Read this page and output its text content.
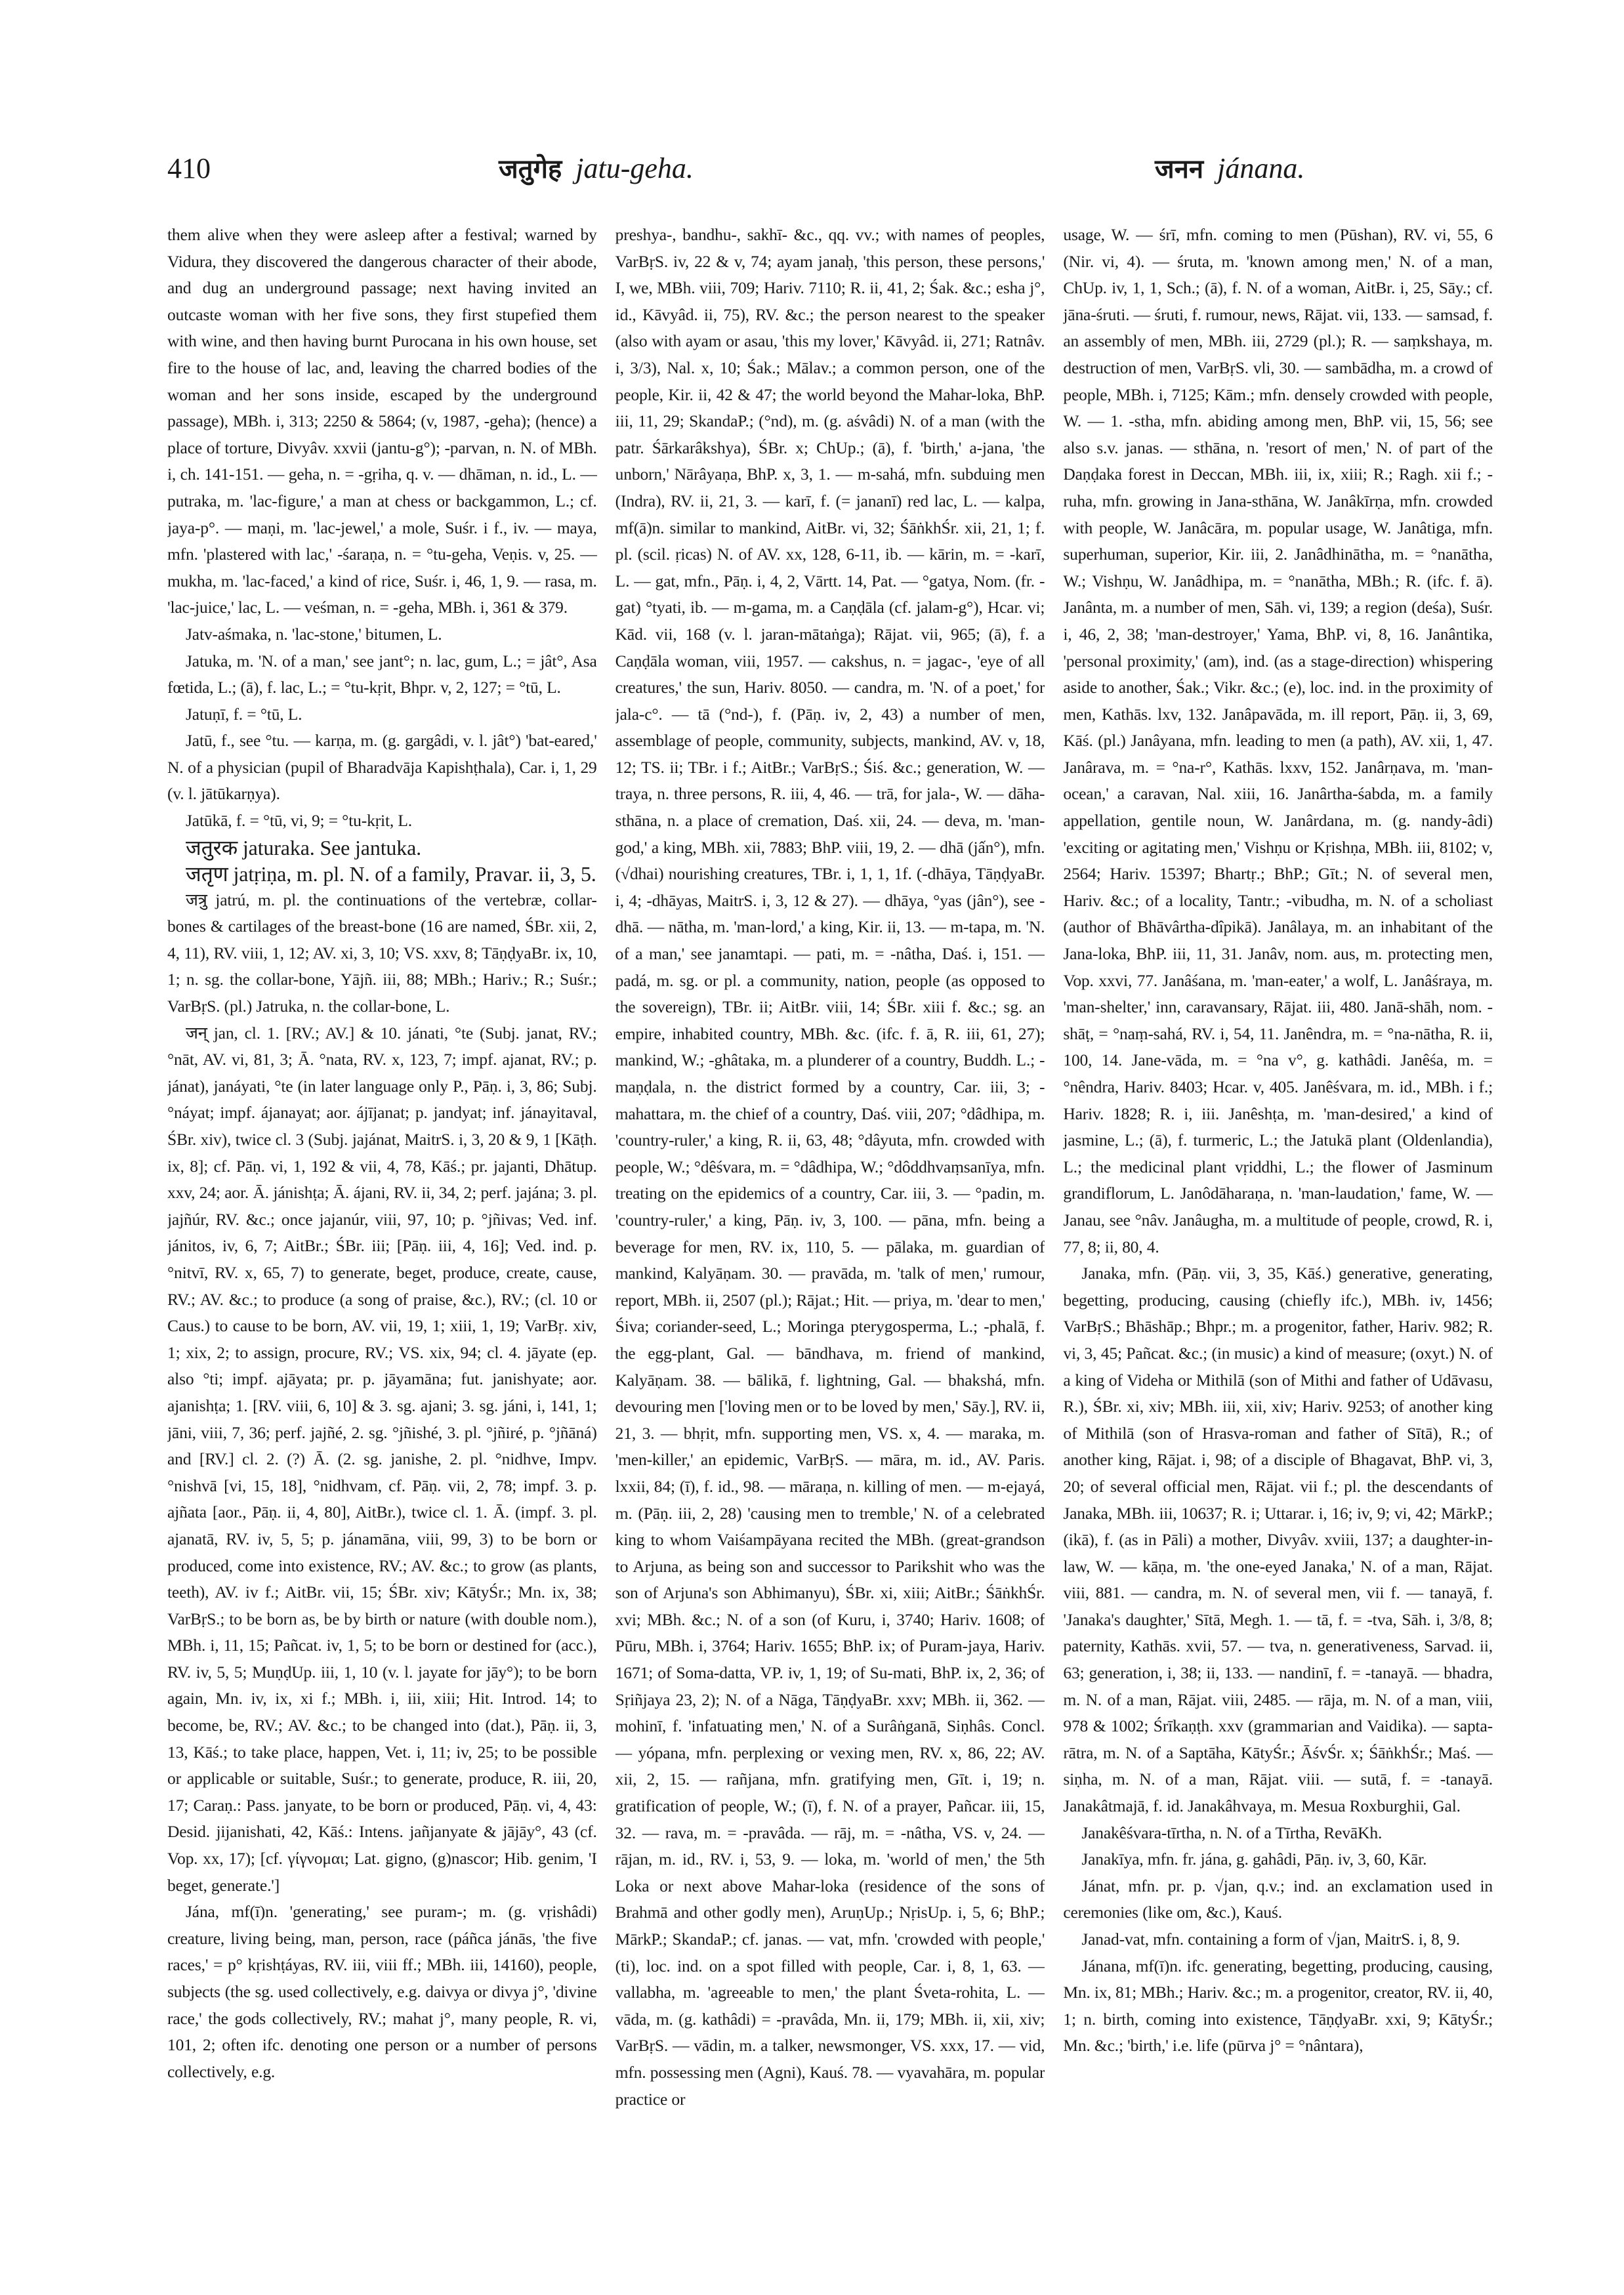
410	जतुगेह jatu-geha.	जनन jánana.

them alive when they were asleep after a festival; warned by Vidura, they discovered the dangerous character of their abode, and dug an underground passage; next having invited an outcaste woman with her five sons, they first stupefied them with wine, and then having burnt Purocana in his own house, set fire to the house of lac, and, leaving the charred bodies of the woman and her sons inside, escaped by the underground passage), MBh. i, 313; 2250 & 5864; (v, 1987, -geha); (hence) a place of torture, Divyâv. xxvii (jantu-g°); -parvan, n. N. of MBh. i, ch. 141-151. — geha, n. = -gṛiha, q. v. — dhāman, n. id., L. — putraka, m. 'lac-figure,' a man at chess or backgammon, L.; cf. jaya-p°. — maṇi, m. 'lac-jewel,' a mole, Suśr. i f., iv. — maya, mfn. 'plastered with lac,' -śaraṇa, n. = °tu-geha, Veṇis. v, 25. — mukha, m. 'lac-faced,' a kind of rice, Suśr. i, 46, 1, 9. — rasa, m. 'lac-juice,' lac, L. — veśman, n. = -geha, MBh. i, 361 & 379.

Jatv-aśmaka, n. 'lac-stone,' bitumen, L.

Jatuka, m. 'N. of a man,' see jant°; n. lac, gum, L.; = jât°, Asa fœtida, L.; (ā), f. lac, L.; = °tu-kṛit, Bhpr. v, 2, 127; = °tū, L.

Jatuṇī, f. = °tū, L.

Jatū, f., see °tu. — karṇa, m. (g. gargâdi, v. l. jât°) 'bat-eared,' N. of a physician (pupil of Bharadvāja Kapishṭhala), Car. i, 1, 29 (v. l. jātūkarṇya).

Jatūkā, f. = °tū, vi, 9; = °tu-kṛit, L.

जतुरक jaturaka. See jantuka.

जतृण jatṛiṇa, m. pl. N. of a family, Pravar. ii, 3, 5.

जत्रु jatrú, m. pl. the continuations of the vertebræ, collar-bones & cartilages of the breast-bone (16 are named, ŚBr. xii, 2, 4, 11), RV. viii, 1, 12; AV. xi, 3, 10; VS. xxv, 8; TāṇḍyaBr. ix, 10, 1; n. sg. the collar-bone, Yājñ. iii, 88; MBh.; Hariv.; R.; Suśr.; VarBṛS. (pl.) Jatruka, n. the collar-bone, L.

जन् jan, cl. 1. [RV.; AV.] & 10. jánati, °te (Subj. janat, RV.; °nāt, AV. vi, 81, 3; Ā. °nata, RV. x, 123, 7; impf. ajanat, RV.; p. jánat), janáyati, °te (in later language only P., Pāṇ. i, 3, 86; Subj. °náyat; impf. ájanayat; aor. ájījanat; p. jandyat; inf. jánayitaval, ŚBr. xiv), twice cl. 3 (Subj. jajánat, MaitrS. i, 3, 20 & 9, 1 [Kāṭh. ix, 8]; cf. Pāṇ. vi, 1, 192 & vii, 4, 78, Kāś.; pr. jajanti, Dhātup. xxv, 24; aor. Ā. jánishṭa; Ā. ájani, RV. ii, 34, 2; perf. jajána; 3. pl. jajñúr, RV. &c.; once jajanúr, viii, 97, 10; p. °jñivas; Ved. inf. jánitos, iv, 6, 7; AitBr.; ŚBr. iii; [Pāṇ. iii, 4, 16]; Ved. ind. p. °nitvī, RV. x, 65, 7) to generate, beget, produce, create, cause, RV.; AV. &c.; to produce (a song of praise, &c.), RV.; (cl. 10 or Caus.) to cause to be born, AV. vii, 19, 1; xiii, 1, 19; VarBṛ. xiv, 1; xix, 2; to assign, procure, RV.; VS. xix, 94; cl. 4. jāyate (ep. also °ti; impf. ajāyata; pr. p. jāyamāna; fut. janishyate; aor. ajanishṭa; 1. [RV. viii, 6, 10] & 3. sg. ajani; 3. sg. jáni, i, 141, 1; jāni, viii, 7, 36; perf. jajñé, 2. sg. °jñishé, 3. pl. °jñiré, p. °jñāná) and [RV.] cl. 2. (?) Ā. (2. sg. janishe, 2. pl. °nidhve, Impv. °nishvā [vi, 15, 18], °nidhvam, cf. Pāṇ. vii, 2, 78; impf. 3. p. ajñata [aor., Pāṇ. ii, 4, 80], AitBr.), twice cl. 1. Ā. (impf. 3. pl. ajanatā, RV. iv, 5, 5; p. jánamāna, viii, 99, 3) to be born or produced, come into existence, RV.; AV. &c.; to grow (as plants, teeth), AV. iv f.; AitBr. vii, 15; ŚBr. xiv; KātyŚr.; Mn. ix, 38; VarBṛS.; to be born as, be by birth or nature (with double nom.), MBh. i, 11, 15; Pañcat. iv, 1, 5; to be born or destined for (acc.), RV. iv, 5, 5; MuṇḍUp. iii, 1, 10 (v. l. jayate for jāy°); to be born again, Mn. iv, ix, xi f.; MBh. i, iii, xiii; Hit. Introd. 14; to become, be, RV.; AV. &c.; to be changed into (dat.), Pāṇ. ii, 3, 13, Kāś.; to take place, happen, Vet. i, 11; iv, 25; to be possible or applicable or suitable, Suśr.; to generate, produce, R. iii, 20, 17; Caraṇ.: Pass. janyate, to be born or produced, Pāṇ. vi, 4, 43: Desid. jijanishati, 42, Kāś.: Intens. jañjanyate & jājāy°, 43 (cf. Vop. xx, 17); [cf. γίγνομαι; Lat. gigno, (g)nascor; Hib. genim, 'I beget, generate.']

Jána, mf(ī)n. 'generating,' see puram-; m. (g. vṛishâdi) creature, living being, man, person, race (páñca jánās, 'the five races,' = p° kṛishṭáyas, RV. iii, viii ff.; MBh. iii, 14160), people, subjects (the sg. used collectively, e.g. daivya or divya j°, 'divine race,' the gods collectively, RV.; mahat j°, many people, R. vi, 101, 2; often ifc. denoting one person or a number of persons collectively, e.g.

preshya-, bandhu-, sakhī- &c., qq. vv.; with names of peoples, VarBṛS. iv, 22 & v, 74; ayam janaḥ, 'this person, these persons,' I, we, MBh. viii, 709; Hariv. 7110; R. ii, 41, 2; Śak. &c.; esha j°, id., Kāvyâd. ii, 75), RV. &c.; the person nearest to the speaker (also with ayam or asau, 'this my lover,' Kāvyâd. ii, 271; Ratnâv. i, 3/3), Nal. x, 10; Śak.; Mālav.; a common person, one of the people, Kir. ii, 42 & 47; the world beyond the Mahar-loka, BhP. iii, 11, 29; SkandaP.; (°nd), m. (g. aśvâdi) N. of a man (with the patr. Śārkarâkshya), ŚBr. x; ChUp.; (ā), f. 'birth,' a-jana, 'the unborn,' Nārâyaṇa, BhP. x, 3, 1. — m-sahá, mfn. subduing men (Indra), RV. ii, 21, 3. — karī, f. (= jananī) red lac, L. — kalpa, mf(ā)n. similar to mankind, AitBr. vi, 32; ŚāṅkhŚr. xii, 21, 1; f. pl. (scil. ṛicas) N. of AV. xx, 128, 6-11, ib. — kārin, m. = -karī, L. — gat, mfn., Pāṇ. i, 4, 2, Vārtt. 14, Pat. — °gatya, Nom. (fr. -gat) °tyati, ib. — m-gama, m. a Caṇḍāla (cf. jalam-g°), Hcar. vi; Kād. vii, 168 (v. l. jaran-mātaṅga); Rājat. vii, 965; (ā), f. a Caṇḍāla woman, viii, 1957. — cakshus, n. = jagac-, 'eye of all creatures,' the sun, Hariv. 8050. — candra, m. 'N. of a poet,' for jala-c°. — tā (°nd-), f. (Pāṇ. iv, 2, 43) a number of men, assemblage of people, community, subjects, mankind, AV. v, 18, 12; TS. ii; TBr. i f.; AitBr.; VarBṛS.; Śiś. &c.; generation, W. — traya, n. three persons, R. iii, 4, 46. — trā, for jala-, W. — dāha-sthāna, n. a place of cremation, Daś. xii, 24. — deva, m. 'man-god,' a king, MBh. xii, 7883; BhP. viii, 19, 2. — dhā (jấn°), mfn. (√dhai) nourishing creatures, TBr. i, 1, 1, 1f. (-dhāya, TāṇḍyaBr. i, 4; -dhāyas, MaitrS. i, 3, 12 & 27). — dhāya, °yas (jân°), see -dhā. — nātha, m. 'man-lord,' a king, Kir. ii, 13. — m-tapa, m. 'N. of a man,' see janamtapi. — pati, m. = -nâtha, Daś. i, 151. — padá, m. sg. or pl. a community, nation, people (as opposed to the sovereign), TBr. ii; AitBr. viii, 14; ŚBr. xiii f. &c.; sg. an empire, inhabited country, MBh. &c. (ifc. f. ā, R. iii, 61, 27); mankind, W.; -ghâtaka, m. a plunderer of a country, Buddh. L.; -maṇḍala, n. the district formed by a country, Car. iii, 3; -mahattara, m. the chief of a country, Daś. viii, 207; °dâdhipa, m. 'country-ruler,' a king, R. ii, 63, 48; °dâyuta, mfn. crowded with people, W.; °dêśvara, m. = °dâdhipa, W.; °dôddhvaṃsanīya, mfn. treating on the epidemics of a country, Car. iii, 3. — °padin, m. 'country-ruler,' a king, Pāṇ. iv, 3, 100. — pāna, mfn. being a beverage for men, RV. ix, 110, 5. — pālaka, m. guardian of mankind, Kalyāṇam. 30. — pravāda, m. 'talk of men,' rumour, report, MBh. ii, 2507 (pl.); Rājat.; Hit. — priya, m. 'dear to men,' Śiva; coriander-seed, L.; Moringa pterygosperma, L.; -phalā, f. the egg-plant, Gal. — bāndhava, m. friend of mankind, Kalyāṇam. 38. — bālikā, f. lightning, Gal. — bhakshá, mfn. devouring men ['loving men or to be loved by men,' Sāy.], RV. ii, 21, 3. — bhṛit, mfn. supporting men, VS. x, 4. — maraka, m. 'men-killer,' an epidemic, VarBṛS. — māra, m. id., AV. Paris. lxxii, 84; (ī), f. id., 98. — māraṇa, n. killing of men. — m-ejayá, m. (Pāṇ. iii, 2, 28) 'causing men to tremble,' N. of a celebrated king to whom Vaiśampāyana recited the MBh. (great-grandson to Arjuna, as being son and successor to Parikshit who was the son of Arjuna's son Abhimanyu), ŚBr. xi, xiii; AitBr.; ŚāṅkhŚr. xvi; MBh. &c.; N. of a son (of Kuru, i, 3740; Hariv. 1608; of Pūru, MBh. i, 3764; Hariv. 1655; BhP. ix; of Puram-jaya, Hariv. 1671; of Soma-datta, VP. iv, 1, 19; of Su-mati, BhP. ix, 2, 36; of Sṛiñjaya 23, 2); N. of a Nāga, TāṇḍyaBr. xxv; MBh. ii, 362. — mohinī, f. 'infatuating men,' N. of a Surâṅganā, Siṇhâs. Concl. — yópana, mfn. perplexing or vexing men, RV. x, 86, 22; AV. xii, 2, 15. — rañjana, mfn. gratifying men, Gīt. i, 19; n. gratification of people, W.; (ī), f. N. of a prayer, Pañcar. iii, 15, 32. — rava, m. = -pravâda. — rāj, m. = -nâtha, VS. v, 24. — rājan, m. id., RV. i, 53, 9. — loka, m. 'world of men,' the 5th Loka or next above Mahar-loka (residence of the sons of Brahmā and other godly men), AruṇUp.; NṛisUp. i, 5, 6; BhP.; MārkP.; SkandaP.; cf. janas. — vat, mfn. 'crowded with people,' (ti), loc. ind. on a spot filled with people, Car. i, 8, 1, 63. — vallabha, m. 'agreeable to men,' the plant Śveta-rohita, L. — vāda, m. (g. kathâdi) = -pravâda, Mn. ii, 179; MBh. ii, xii, xiv; VarBṛS. — vādin, m. a talker, newsmonger, VS. xxx, 17. — vid, mfn. possessing men (Agni), Kauś. 78. — vyavahāra, m. popular practice or

usage, W. — śrī, mfn. coming to men (Pūshan), RV. vi, 55, 6 (Nir. vi, 4). — śruta, m. 'known among men,' N. of a man, ChUp. iv, 1, 1, Sch.; (ā), f. N. of a woman, AitBr. i, 25, Sāy.; cf. jāna-śruti. — śruti, f. rumour, news, Rājat. vii, 133. — samsad, f. an assembly of men, MBh. iii, 2729 (pl.); R. — saṃkshaya, m. destruction of men, VarBṛS. vli, 30. — sambādha, m. a crowd of people, MBh. i, 7125; Kām.; mfn. densely crowded with people, W. — 1. -stha, mfn. abiding among men, BhP. vii, 15, 56; see also s.v. janas. — sthāna, n. 'resort of men,' N. of part of the Daṇḍaka forest in Deccan, MBh. iii, ix, xiii; R.; Ragh. xii f.; -ruha, mfn. growing in Jana-sthāna, W. Janâkīrṇa, mfn. crowded with people, W. Janâcāra, m. popular usage, W. Janâtiga, mfn. superhuman, superior, Kir. iii, 2. Janâdhinātha, m. = °nanātha, W.; Vishṇu, W. Janâdhipa, m. = °nanātha, MBh.; R. (ifc. f. ā). Janânta, m. a number of men, Sāh. vi, 139; a region (deśa), Suśr. i, 46, 2, 38; 'man-destroyer,' Yama, BhP. vi, 8, 16. Janântika, 'personal proximity,' (am), ind. (as a stage-direction) whispering aside to another, Śak.; Vikr. &c.; (e), loc. ind. in the proximity of men, Kathās. lxv, 132. Janâpavāda, m. ill report, Pāṇ. ii, 3, 69, Kāś. (pl.) Janâyana, mfn. leading to men (a path), AV. xii, 1, 47. Janârava, m. = °na-r°, Kathās. lxxv, 152. Janârṇava, m. 'man-ocean,' a caravan, Nal. xiii, 16. Janârtha-śabda, m. a family appellation, gentile noun, W. Janârdana, m. (g. nandy-âdi) 'exciting or agitating men,' Vishṇu or Kṛishṇa, MBh. iii, 8102; v, 2564; Hariv. 15397; Bhartṛ.; BhP.; Gīt.; N. of several men, Hariv. &c.; of a locality, Tantr.; -vibudha, m. N. of a scholiast (author of Bhāvârtha-dîpikā). Janâlaya, m. an inhabitant of the Jana-loka, BhP. iii, 11, 31. Janâv, nom. aus, m. protecting men, Vop. xxvi, 77. Janâśana, m. 'man-eater,' a wolf, L. Janâśraya, m. 'man-shelter,' inn, caravansary, Rājat. iii, 480. Janā-shāh, nom. -shāṭ, = °naṃ-sahá, RV. i, 54, 11. Janêndra, m. = °na-nātha, R. ii, 100, 14. Jane-vāda, m. = °na v°, g. kathâdi. Janêśa, m. = °nêndra, Hariv. 8403; Hcar. v, 405. Janêśvara, m. id., MBh. i f.; Hariv. 1828; R. i, iii. Janêshṭa, m. 'man-desired,' a kind of jasmine, L.; (ā), f. turmeric, L.; the Jatukā plant (Oldenlandia), L.; the medicinal plant vṛiddhi, L.; the flower of Jasminum grandiflorum, L. Janôdāharaṇa, n. 'man-laudation,' fame, W. — Janau, see °nâv. Janâugha, m. a multitude of people, crowd, R. i, 77, 8; ii, 80, 4.

Janaka, mfn. (Pāṇ. vii, 3, 35, Kāś.) generative, generating, begetting, producing, causing (chiefly ifc.), MBh. iv, 1456; VarBṛS.; Bhāshāp.; Bhpr.; m. a progenitor, father, Hariv. 982; R. vi, 3, 45; Pañcat. &c.; (in music) a kind of measure; (oxyt.) N. of a king of Videha or Mithilā (son of Mithi and father of Udāvasu, R.), ŚBr. xi, xiv; MBh. iii, xii, xiv; Hariv. 9253; of another king of Mithilā (son of Hrasva-roman and father of Sītā), R.; of another king, Rājat. i, 98; of a disciple of Bhagavat, BhP. vi, 3, 20; of several official men, Rājat. vii f.; pl. the descendants of Janaka, MBh. iii, 10637; R. i; Uttarar. i, 16; iv, 9; vi, 42; MārkP.; (ikā), f. (as in Pāli) a mother, Divyâv. xviii, 137; a daughter-in-law, W. — kāṇa, m. 'the one-eyed Janaka,' N. of a man, Rājat. viii, 881. — candra, m. N. of several men, vii f. — tanayā, f. 'Janaka's daughter,' Sītā, Megh. 1. — tā, f. = -tva, Sāh. i, 3/8, 8; paternity, Kathās. xvii, 57. — tva, n. generativeness, Sarvad. ii, 63; generation, i, 38; ii, 133. — nandinī, f. = -tanayā. — bhadra, m. N. of a man, Rājat. viii, 2485. — rāja, m. N. of a man, viii, 978 & 1002; Śrīkaṇṭh. xxv (grammarian and Vaidika). — sapta-rātra, m. N. of a Saptāha, KātyŚr.; ĀśvŚr. x; ŚāṅkhŚr.; Maś. — siṇha, m. N. of a man, Rājat. viii. — sutā, f. = -tanayā. Janakâtmajā, f. id. Janakâhvaya, m. Mesua Roxburghii, Gal.

Janakêśvara-tīrtha, n. N. of a Tīrtha, RevāKh.

Janakīya, mfn. fr. jána, g. gahâdi, Pāṇ. iv, 3, 60, Kār.

Jánat, mfn. pr. p. √jan, q.v.; ind. an exclamation used in ceremonies (like om, &c.), Kauś.

Janad-vat, mfn. containing a form of √jan, MaitrS. i, 8, 9.

Jánana, mf(ī)n. ifc. generating, begetting, producing, causing, Mn. ix, 81; MBh.; Hariv. &c.; m. a progenitor, creator, RV. ii, 40, 1; n. birth, coming into existence, TāṇḍyaBr. xxi, 9; KātyŚr.; Mn. &c.; 'birth,' i.e. life (pūrva j° = °nântara),
